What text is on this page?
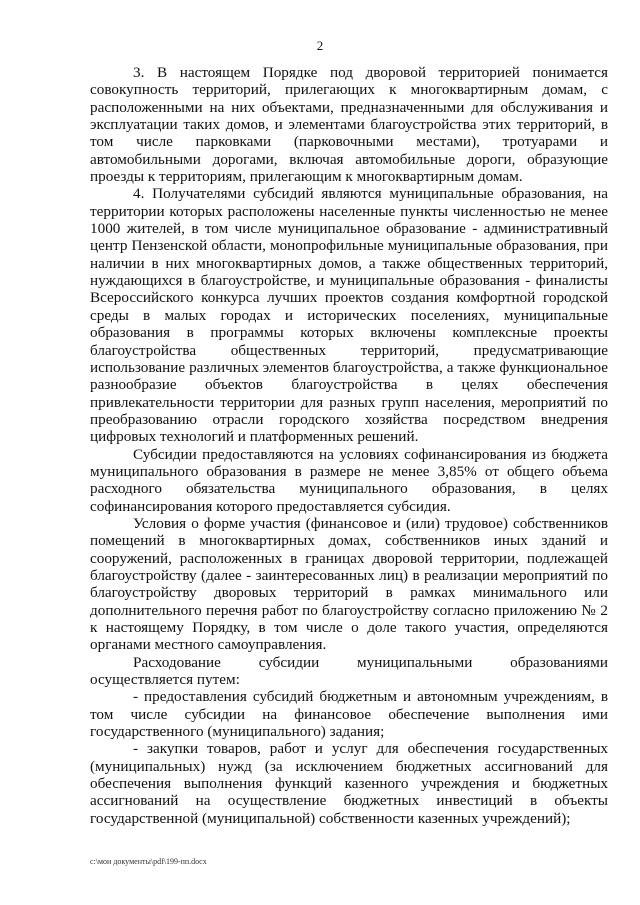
2

3. В настоящем Порядке под дворовой территорией понимается совокупность территорий, прилегающих к многоквартирным домам, с расположенными на них объектами, предназначенными для обслуживания и эксплуатации таких домов, и элементами благоустройства этих территорий, в том числе парковками (парковочными местами), тротуарами и автомобильными дорогами, включая автомобильные дороги, образующие проезды к территориям, прилегающим к многоквартирным домам.

4. Получателями субсидий являются муниципальные образования, на территории которых расположены населенные пункты численностью не менее 1000 жителей, в том числе муниципальное образование - административный центр Пензенской области, монопрофильные муниципальные образования, при наличии в них многоквартирных домов, а также общественных территорий, нуждающихся в благоустройстве, и муниципальные образования - финалисты Всероссийского конкурса лучших проектов создания комфортной городской среды в малых городах и исторических поселениях, муниципальные образования в программы которых включены комплексные проекты благоустройства общественных территорий, предусматривающие использование различных элементов благоустройства, а также функциональное разнообразие объектов благоустройства в целях обеспечения привлекательности территории для разных групп населения, мероприятий по преобразованию отрасли городского хозяйства посредством внедрения цифровых технологий и платформенных решений.

Субсидии предоставляются на условиях софинансирования из бюджета муниципального образования в размере не менее 3,85% от общего объема расходного обязательства муниципального образования, в целях софинансирования которого предоставляется субсидия.

Условия о форме участия (финансовое и (или) трудовое) собственников помещений в многоквартирных домах, собственников иных зданий и сооружений, расположенных в границах дворовой территории, подлежащей благоустройству (далее - заинтересованных лиц) в реализации мероприятий по благоустройству дворовых территорий в рамках минимального или дополнительного перечня работ по благоустройству согласно приложению № 2 к настоящему Порядку, в том числе о доле такого участия, определяются органами местного самоуправления.

Расходование субсидии муниципальными образованиями осуществляется путем:

- предоставления субсидий бюджетным и автономным учреждениям, в том числе субсидии на финансовое обеспечение выполнения ими государственного (муниципального) задания;

- закупки товаров, работ и услуг для обеспечения государственных (муниципальных) нужд (за исключением бюджетных ассигнований для обеспечения выполнения функций казенного учреждения и бюджетных ассигнований на осуществление бюджетных инвестиций в объекты государственной (муниципальной) собственности казенных учреждений);

c:\мои документы\pdf\199-пп.docx
